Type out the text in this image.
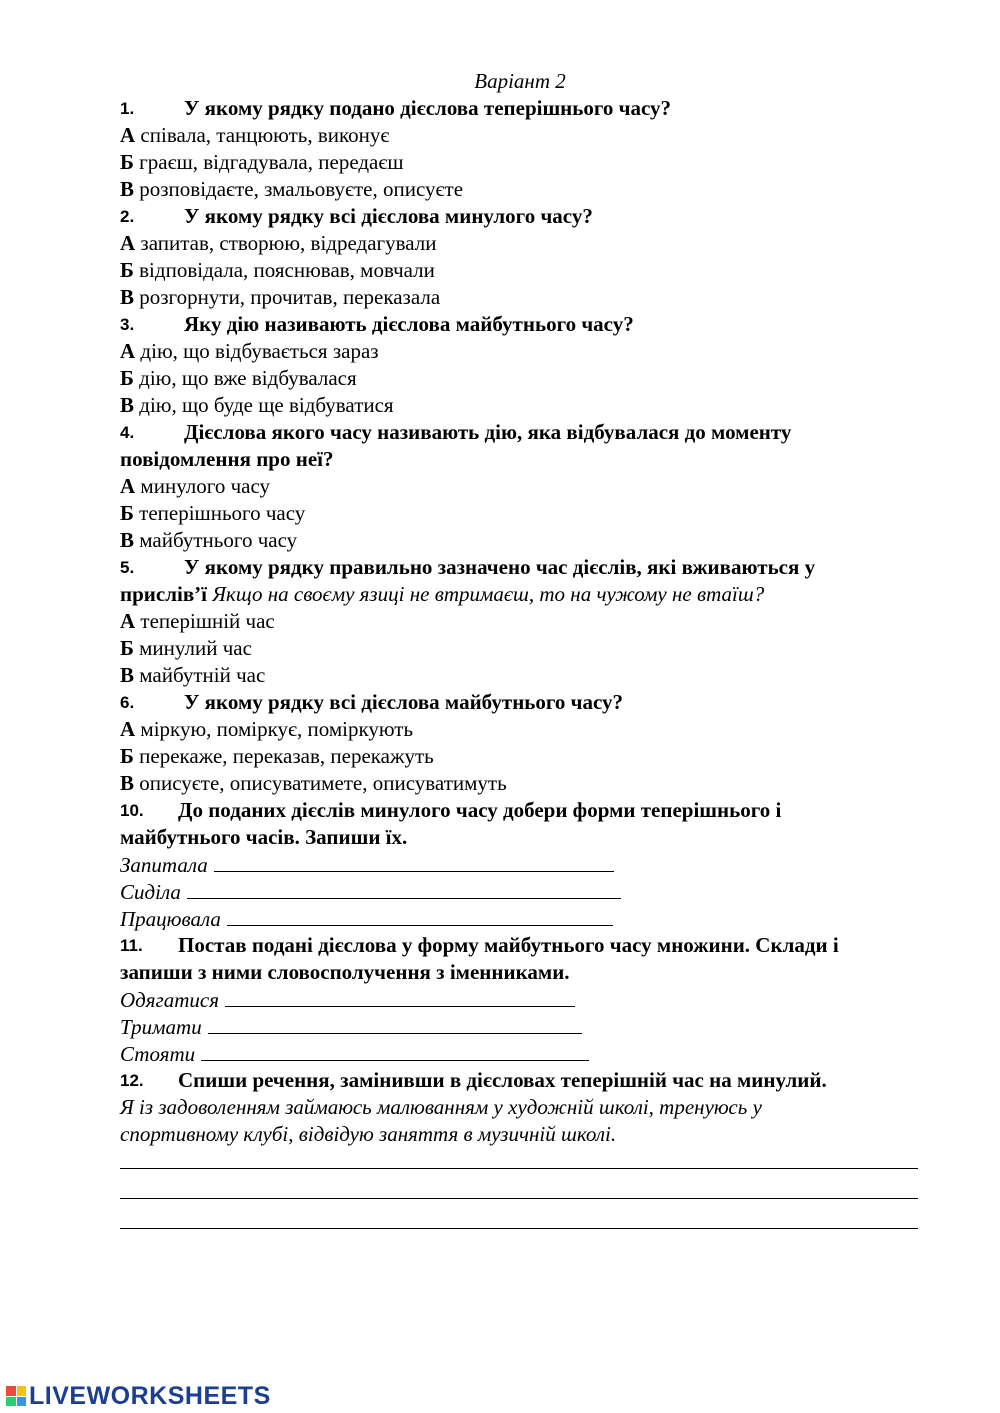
Варіант 2
1.	У якому рядку подано дієслова теперішнього часу?
А співала, танцюють, виконує
Б граєш, відгадувала, передаєш
В розповідаєте, змальовуєте, описуєте
2.	У якому рядку всі дієслова минулого часу?
А запитав, створюю, відредагували
Б відповідала, пояснював, мовчали
В розгорнути, прочитав, переказала
3.	Яку дію називають дієслова майбутнього часу?
А дію, що відбувається зараз
Б дію, що вже відбувалася
В дію, що буде ще відбуватися
4.	Дієслова якого часу називають дію, яка відбувалася до моменту
повідомлення про неї?
А минулого часу
Б теперішнього часу
В майбутнього часу
5.	У якому рядку правильно зазначено час дієслів, які вживаються у
прислів’ї Якщо на своєму язиці не втримаєш, то на чужому не втаїш?
А теперішній час
Б минулий час
В майбутній час
6.	У якому рядку всі дієслова майбутнього часу?
А міркую, поміркує, поміркують
Б перекаже, переказав, перекажуть
В описуєте, описуватимете, описуватимуть
10.	До поданих дієслів минулого часу добери форми теперішнього і
майбутнього часів. Запиши їх.
Запитала
Сиділа
Працювала
11.	Постав подані дієслова у форму майбутнього часу множини. Склади і
запиши з ними словосполучення з іменниками.
Одягатися
Тримати
Стояти
12.	Спиши речення, замінивши в дієсловах теперішній час на минулий.
Я із задоволенням займаюсь малюванням у художній школі, тренуюсь у
спортивному клубі, відвідую заняття в музичній школі.
LIVEWORKSHEETS
